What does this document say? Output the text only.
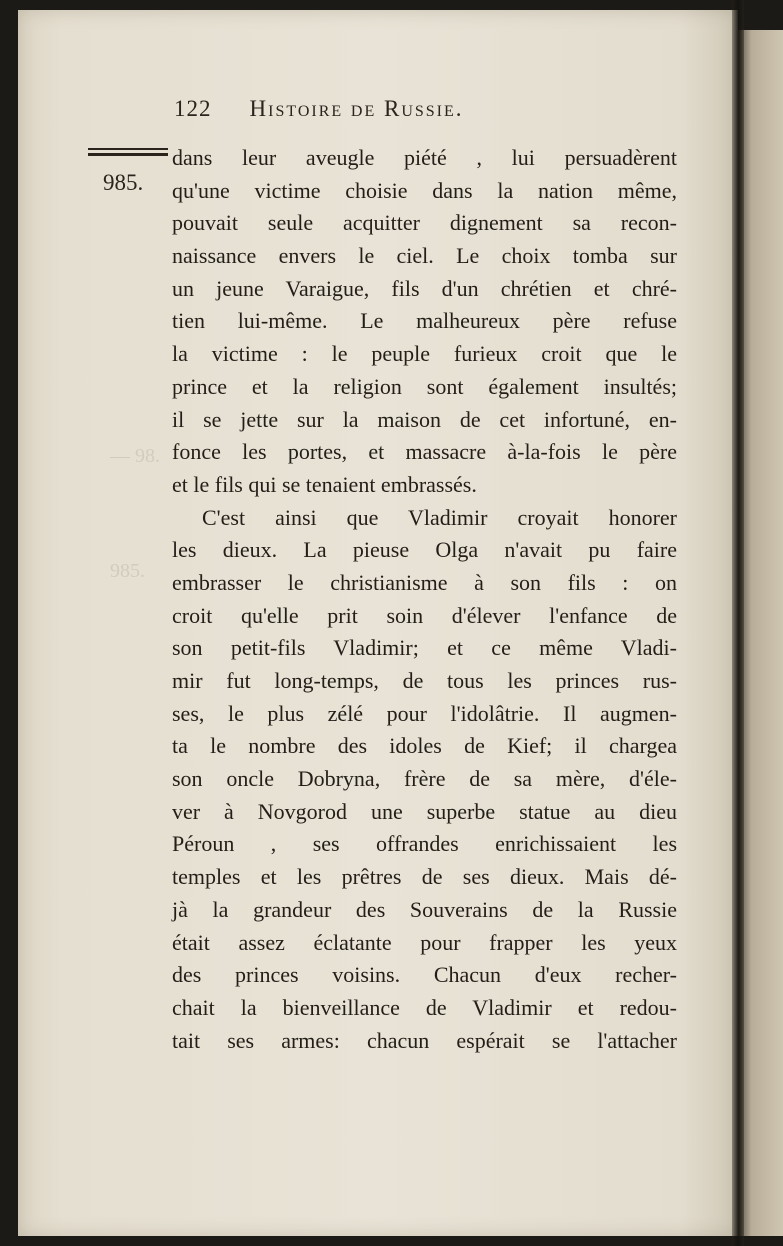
— 98.
985.
122 Histoire de Russie.
985.
dans leur aveugle piété , lui persuadèrent
qu'une victime choisie dans la nation même,
pouvait seule acquitter dignement sa recon-
naissance envers le ciel. Le choix tomba sur
un jeune Varaigue, fils d'un chrétien et chré-
tien lui-même. Le malheureux père refuse
la victime : le peuple furieux croit que le
prince et la religion sont également insultés;
il se jette sur la maison de cet infortuné, en-
fonce les portes, et massacre à-la-fois le père
et le fils qui se tenaient embrassés.
C'est ainsi que Vladimir croyait honorer
les dieux. La pieuse Olga n'avait pu faire
embrasser le christianisme à son fils : on
croit qu'elle prit soin d'élever l'enfance de
son petit-fils Vladimir; et ce même Vladi-
mir fut long-temps, de tous les princes rus-
ses, le plus zélé pour l'idolâtrie. Il augmen-
ta le nombre des idoles de Kief; il chargea
son oncle Dobryna, frère de sa mère, d'éle-
ver à Novgorod une superbe statue au dieu
Péroun , ses offrandes enrichissaient les
temples et les prêtres de ses dieux. Mais dé-
jà la grandeur des Souverains de la Russie
était assez éclatante pour frapper les yeux
des princes voisins. Chacun d'eux recher-
chait la bienveillance de Vladimir et redou-
tait ses armes: chacun espérait se l'attacher
